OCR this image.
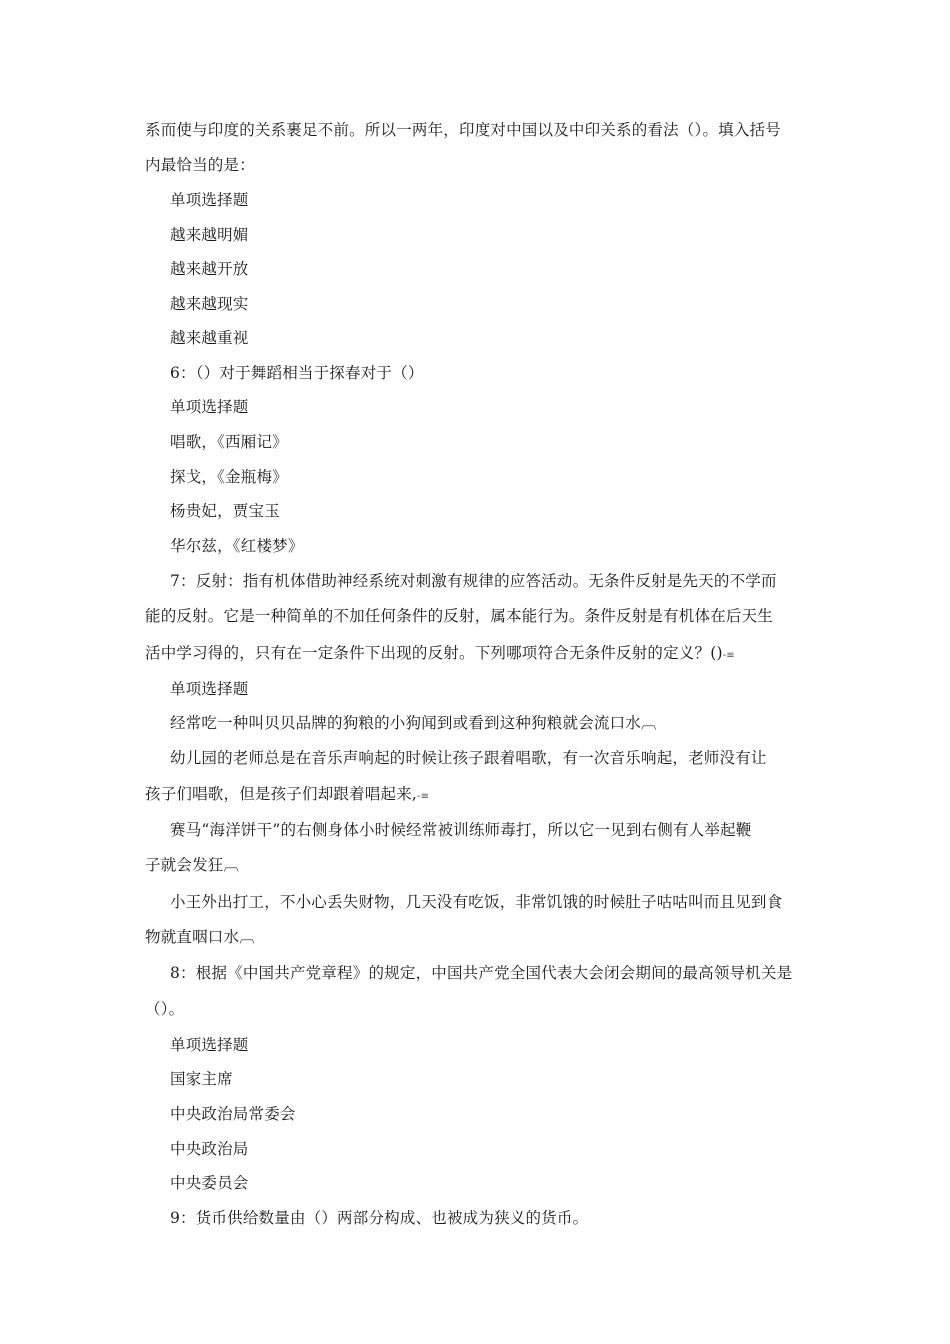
系而使与印度的关系裹足不前。所以一两年，印度对中国以及中印关系的看法（）。填入括号
内最恰当的是：
单项选择题
越来越明媚
越来越开放
越来越现实
越来越重视
6：（）对于舞蹈相当于探春对于（）
单项选择题
唱歌，《西厢记》
探戈，《金瓶梅》
杨贵妃，贾宝玉
华尔兹，《红楼梦》
7：反射：指有机体借助神经系统对刺激有规律的应答活动。无条件反射是先天的不学而
能的反射。它是一种简单的不加任何条件的反射，属本能行为。条件反射是有机体在后天生
活中学习得的，只有在一定条件下出现的反射。下列哪项符合无条件反射的定义？()-≡
单项选择题
经常吃一种叫贝贝品牌的狗粮的小狗闻到或看到这种狗粮就会流口水︹
幼儿园的老师总是在音乐声响起的时候让孩子跟着唱歌，有一次音乐响起，老师没有让
孩子们唱歌，但是孩子们却跟着唱起来,-≡
赛马“海洋饼干”的右侧身体小时候经常被训练师毒打，所以它一见到右侧有人举起鞭
子就会发狂︹
小王外出打工，不小心丢失财物，几天没有吃饭，非常饥饿的时候肚子咕咕叫而且见到食
物就直咽口水︹
8：根据《中国共产党章程》的规定，中国共产党全国代表大会闭会期间的最高领导机关是
（）。
单项选择题
国家主席
中央政治局常委会
中央政治局
中央委员会
9：货币供给数量由（）两部分构成、也被成为狭义的货币。
